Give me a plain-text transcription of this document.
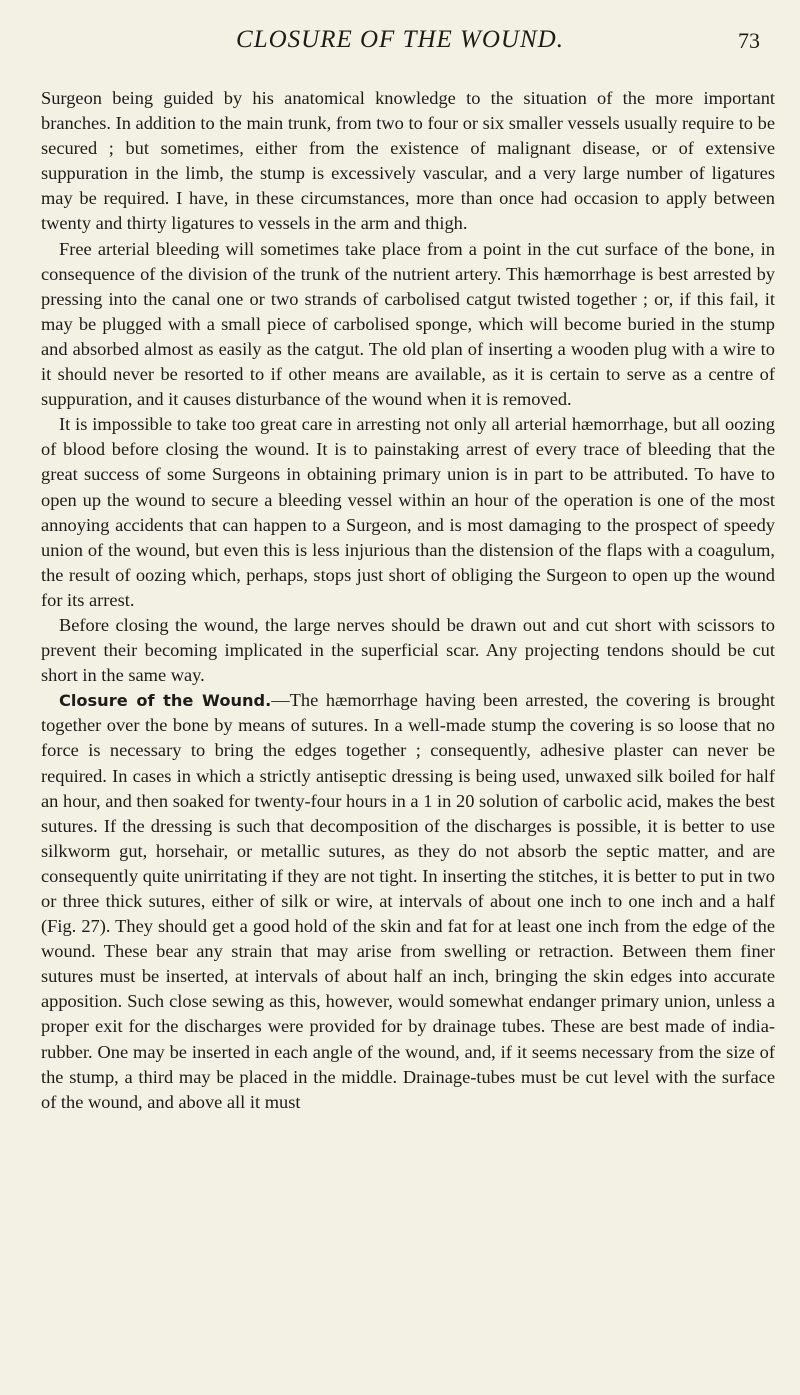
CLOSURE OF THE WOUND.	73

Surgeon being guided by his anatomical knowledge to the situation of the more important branches. In addition to the main trunk, from two to four or six smaller vessels usually require to be secured ; but sometimes, either from the existence of malignant disease, or of extensive suppuration in the limb, the stump is excessively vascular, and a very large number of ligatures may be required. I have, in these circumstances, more than once had occasion to apply between twenty and thirty ligatures to vessels in the arm and thigh.

Free arterial bleeding will sometimes take place from a point in the cut surface of the bone, in consequence of the division of the trunk of the nutrient artery. This hæmorrhage is best arrested by pressing into the canal one or two strands of carbolised catgut twisted together ; or, if this fail, it may be plugged with a small piece of carbolised sponge, which will become buried in the stump and absorbed almost as easily as the catgut. The old plan of inserting a wooden plug with a wire to it should never be resorted to if other means are available, as it is certain to serve as a centre of suppuration, and it causes disturbance of the wound when it is removed.

It is impossible to take too great care in arresting not only all arterial hæmorrhage, but all oozing of blood before closing the wound. It is to painstaking arrest of every trace of bleeding that the great success of some Surgeons in obtaining primary union is in part to be attributed. To have to open up the wound to secure a bleeding vessel within an hour of the operation is one of the most annoying accidents that can happen to a Surgeon, and is most damaging to the prospect of speedy union of the wound, but even this is less injurious than the distension of the flaps with a coagulum, the result of oozing which, perhaps, stops just short of obliging the Surgeon to open up the wound for its arrest.

Before closing the wound, the large nerves should be drawn out and cut short with scissors to prevent their becoming implicated in the superficial scar. Any projecting tendons should be cut short in the same way.

Closure of the Wound.—The hæmorrhage having been arrested, the covering is brought together over the bone by means of sutures. In a well-made stump the covering is so loose that no force is necessary to bring the edges together ; consequently, adhesive plaster can never be required. In cases in which a strictly antiseptic dressing is being used, unwaxed silk boiled for half an hour, and then soaked for twenty-four hours in a 1 in 20 solution of carbolic acid, makes the best sutures. If the dressing is such that decomposition of the discharges is possible, it is better to use silkworm gut, horsehair, or metallic sutures, as they do not absorb the septic matter, and are consequently quite unirritating if they are not tight. In inserting the stitches, it is better to put in two or three thick sutures, either of silk or wire, at intervals of about one inch to one inch and a half (Fig. 27). They should get a good hold of the skin and fat for at least one inch from the edge of the wound. These bear any strain that may arise from swelling or retraction. Between them finer sutures must be inserted, at intervals of about half an inch, bringing the skin edges into accurate apposition. Such close sewing as this, however, would somewhat endanger primary union, unless a proper exit for the discharges were provided for by drainage tubes. These are best made of india-rubber. One may be inserted in each angle of the wound, and, if it seems necessary from the size of the stump, a third may be placed in the middle. Drainage-tubes must be cut level with the surface of the wound, and above all it must
